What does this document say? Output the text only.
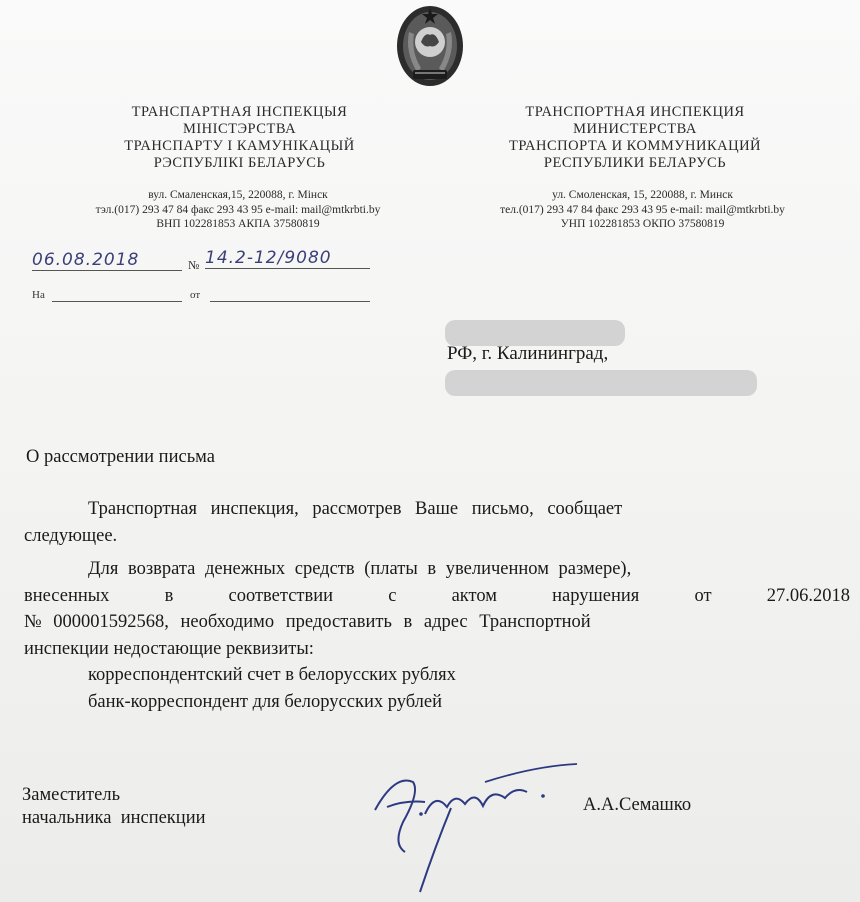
ТРАНСПАРТНАЯ ІНСПЕКЦЫЯ
МІНІСТЭРСТВА
ТРАНСПАРТУ І КАМУНІКАЦЫЙ
РЭСПУБЛІКІ БЕЛАРУСЬ
вул. Смаленская,15, 220088, г. Мінск
тэл.(017) 293 47 84 факс 293 43 95 e-mail: mail@mtkrbti.by
ВНП 102281853 АКПА 37580819
ТРАНСПОРТНАЯ ИНСПЕКЦИЯ
МИНИСТЕРСТВА
ТРАНСПОРТА И КОММУНИКАЦИЙ
РЕСПУБЛИКИ БЕЛАРУСЬ
ул. Смоленская, 15, 220088, г. Минск
тел.(017) 293 47 84 факс 293 43 95 e-mail: mail@mtkrbti.by
УНП 102281853 ОКПО 37580819
06.08.2018	№ 14.2-12/9080
На	от
РФ, г. Калининград,
О рассмотрении письма
Транспортная инспекция, рассмотрев Ваше письмо, сообщает
следующее.
Для возврата денежных средств (платы в увеличенном размере),
внесенных	в	соответствии	с	актом	нарушения	от	27.06.2018
№ 000001592568, необходимо предоставить в адрес Транспортной
инспекции недостающие реквизиты:
корреспондентский счет в белорусских рублях
банк-корреспондент для белорусских рублей
Заместитель
начальника  инспекции
А.А.Семашко
